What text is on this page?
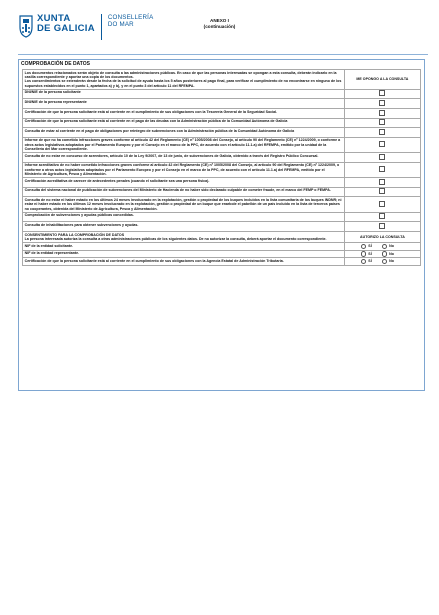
XUNTA
DE GALICIA
CONSELLERÍA
DO MAR
ANEXO I
(continuación)
COMPROBACIÓN DE DATOS
Los documentos relacionados serán objeto de consulta a las administraciones públicas. En caso de que las personas interesadas se opongan a esta consulta, deberán indicarlo en la casilla correspondiente y aportar una copia de los documentos.
Los consentimientos se extenderán desde la fecha de la solicitud de ayuda hasta los 5 años posteriores al pago final, para verificar el cumplimiento de no encontrarse en ninguno de los supuestos establecidos en el punto 1, apartados a) y b), y en el punto 3 del artículo 11 del RFEMPA.	ME OPONGO A LA CONSULTA
DNI/NIE de la persona solicitante	
DNI/NIE de la persona representante	
Certificación de que la persona solicitante está al corriente en el cumplimiento de sus obligaciones con la Tesorería General de la Seguridad Social.	
Certificación de que la persona solicitante está al corriente en el pago de las deudas con la Administración pública de la Comunidad Autónoma de Galicia	
Consulta de estar al corriente en el pago de obligaciones por reintegro de subvenciones con la Administración pública de la Comunidad Autónoma de Galicia	
Informe de que no ha cometido infracciones graves conforme al artículo 42 del Reglamento (CE) nº 1005/2008 del Consejo, al artículo 90 del Reglamento (CE) nº 1224/2009, o conforme a otros actos legislativos adoptados por el Parlamento Europeo y por el Consejo en el marco de la PPC, de acuerdo con el artículo 11.1.a) del RFEMPA, emitido por la unidad de la Consellería del Mar correspondiente.	
Consulta de no estar en concurso de acreedores, artículo 10 de la Ley 9/2007, de 13 de junio, de subvenciones de Galicia, obtenido a través del Registro Público Concursal.	
Informe acreditativo de no haber cometido infracciones graves conforme al artículo 42 del Reglamento (CE) nº 1005/2008 del Consejo, al artículo 90 del Reglamento (CE) nº 1224/2009, o conforme a otros actos legislativos adoptados por el Parlamento Europeo y por el Consejo en el marco de la PPC, de acuerdo con el artículo 11.1.a) del RFEMPA, emitido por el Ministerio de Agricultura, Pesca y Alimentación.	
Certificación acreditativa de carecer de antecedentes penales (cuando el solicitante sea una persona física).	
Consulta del sistema nacional de publicación de subvenciones del Ministerio de Hacienda de no haber sido declarado culpable de cometer fraude, en el marco del FEMP o FEMPA.	
Consulta de no estar ni haber estado en los últimos 24 meses involucrado en la explotación, gestión o propiedad de los buques incluidos en la lista comunitaria de los buques INDNR; ni estar ni haber estado en los últimos 12 meses involucrado en la explotación, gestión o propiedad de un buque que enarbole el pabellón de un país incluido en la lista de terceros países no cooperantes, obtenida del Ministerio de Agricultura, Pesca y Alimentación.	
Comprobación de subvenciones y ayudas públicas concedidas.	
Consulta de inhabilitaciones para obtener subvenciones y ayudas.	

CONSENTIMIENTO PARA LA COMPROBACIÓN DE DATOS
La persona interesada autoriza la consulta a otras administraciones públicas de los siguientes datos. De no autorizar la consulta, deberá aportar el documento correspondiente.	AUTORIZO LA CONSULTA
NIF de la entidad solicitante.	SÍ No
NIF de la entidad representante.	SÍ No
Certificación de que la persona solicitante está al corriente en el cumplimiento de sus obligaciones con la Agencia Estatal de Administración Tributaria.	SÍ No
